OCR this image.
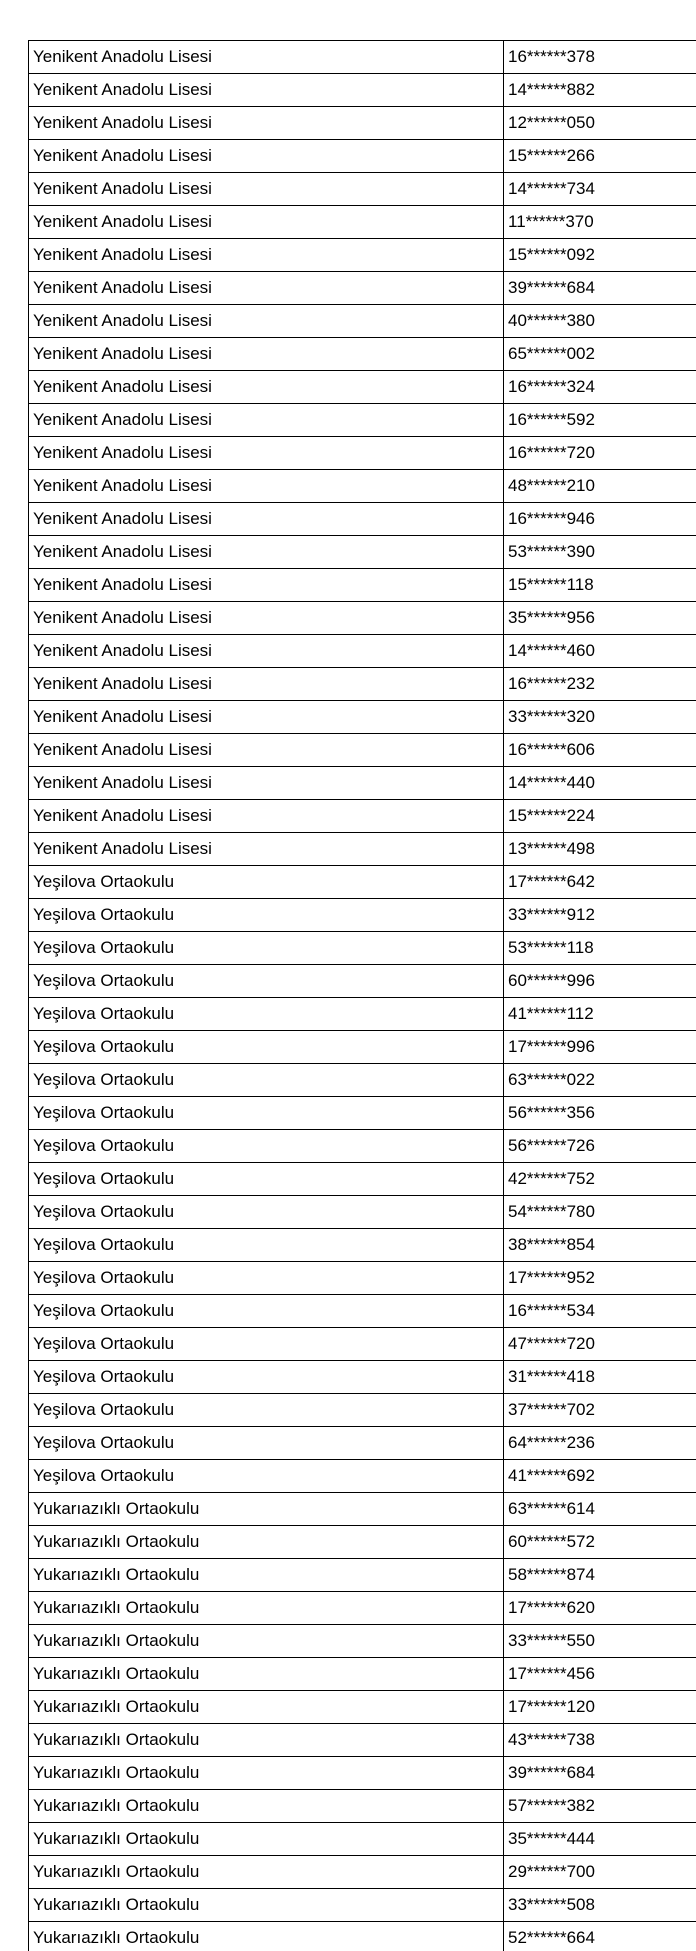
Yenikent Anadolu Lisesi	16******378
Yenikent Anadolu Lisesi	14******882
Yenikent Anadolu Lisesi	12******050
Yenikent Anadolu Lisesi	15******266
Yenikent Anadolu Lisesi	14******734
Yenikent Anadolu Lisesi	11******370
Yenikent Anadolu Lisesi	15******092
Yenikent Anadolu Lisesi	39******684
Yenikent Anadolu Lisesi	40******380
Yenikent Anadolu Lisesi	65******002
Yenikent Anadolu Lisesi	16******324
Yenikent Anadolu Lisesi	16******592
Yenikent Anadolu Lisesi	16******720
Yenikent Anadolu Lisesi	48******210
Yenikent Anadolu Lisesi	16******946
Yenikent Anadolu Lisesi	53******390
Yenikent Anadolu Lisesi	15******118
Yenikent Anadolu Lisesi	35******956
Yenikent Anadolu Lisesi	14******460
Yenikent Anadolu Lisesi	16******232
Yenikent Anadolu Lisesi	33******320
Yenikent Anadolu Lisesi	16******606
Yenikent Anadolu Lisesi	14******440
Yenikent Anadolu Lisesi	15******224
Yenikent Anadolu Lisesi	13******498
Yeşilova Ortaokulu	17******642
Yeşilova Ortaokulu	33******912
Yeşilova Ortaokulu	53******118
Yeşilova Ortaokulu	60******996
Yeşilova Ortaokulu	41******112
Yeşilova Ortaokulu	17******996
Yeşilova Ortaokulu	63******022
Yeşilova Ortaokulu	56******356
Yeşilova Ortaokulu	56******726
Yeşilova Ortaokulu	42******752
Yeşilova Ortaokulu	54******780
Yeşilova Ortaokulu	38******854
Yeşilova Ortaokulu	17******952
Yeşilova Ortaokulu	16******534
Yeşilova Ortaokulu	47******720
Yeşilova Ortaokulu	31******418
Yeşilova Ortaokulu	37******702
Yeşilova Ortaokulu	64******236
Yeşilova Ortaokulu	41******692
Yukarıazıklı Ortaokulu	63******614
Yukarıazıklı Ortaokulu	60******572
Yukarıazıklı Ortaokulu	58******874
Yukarıazıklı Ortaokulu	17******620
Yukarıazıklı Ortaokulu	33******550
Yukarıazıklı Ortaokulu	17******456
Yukarıazıklı Ortaokulu	17******120
Yukarıazıklı Ortaokulu	43******738
Yukarıazıklı Ortaokulu	39******684
Yukarıazıklı Ortaokulu	57******382
Yukarıazıklı Ortaokulu	35******444
Yukarıazıklı Ortaokulu	29******700
Yukarıazıklı Ortaokulu	33******508
Yukarıazıklı Ortaokulu	52******664
